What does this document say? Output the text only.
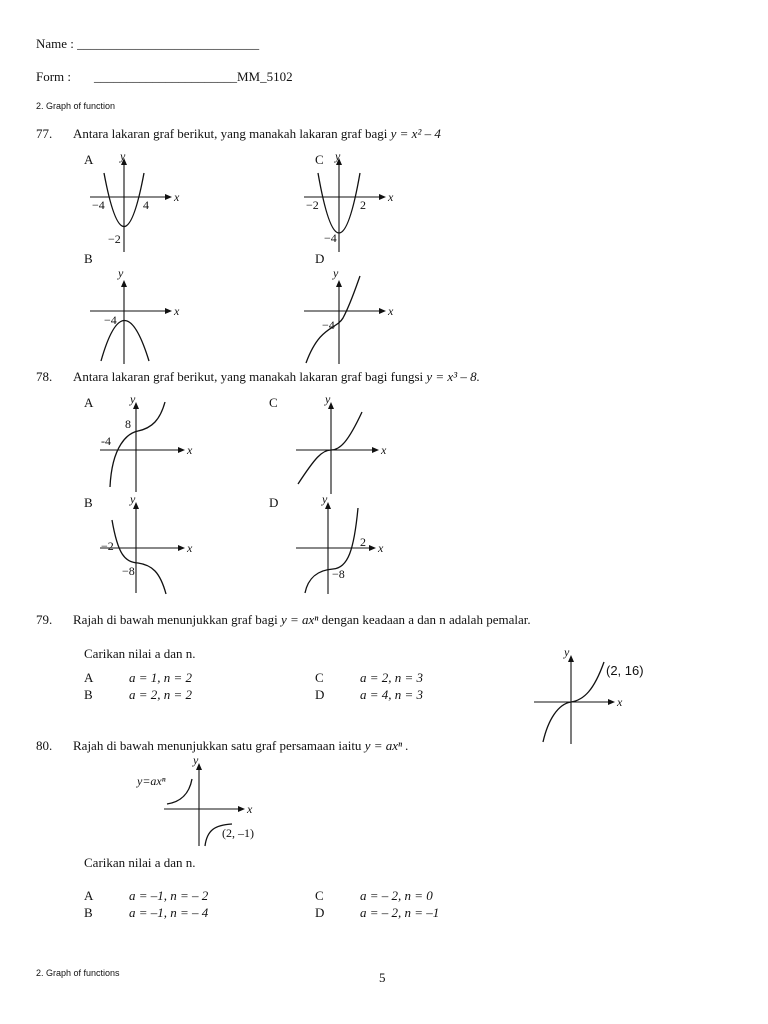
Name : ____________________________
Form : ______________________MM_5102
2. Graph of function
77. Antara lakaran graf berikut, yang manakah lakaran graf bagi y = x² – 4
A
B
C
D
y
x
−4	4
−2
y
x
−2	2
−4
y
x
−4
y
x
−4
78. Antara lakaran graf berikut, yang manakah lakaran graf bagi fungsi y = x³ – 8.
A
B
C
D
y
x
8
-4
y
x
y
x
−2
−8
y
x
2
−8
79. Rajah di bawah menunjukkan graf bagi y = axⁿ dengan keadaan a dan n adalah pemalar.
Carikan nilai a dan n.
A	a = 1, n = 2
B	a = 2, n = 2
C	a = 2, n = 3
D	a = 4, n = 3
y
x
(2, 16)
80. Rajah di bawah menunjukkan satu graf persamaan iaitu y = axⁿ .
y
x
y=axⁿ
(2, –1)
Carikan nilai a dan n.
A	a = –1, n = – 2
B	a = –1, n = – 4
C	a = – 2, n = 0
D	a = – 2, n = –1
2. Graph of functions	5
